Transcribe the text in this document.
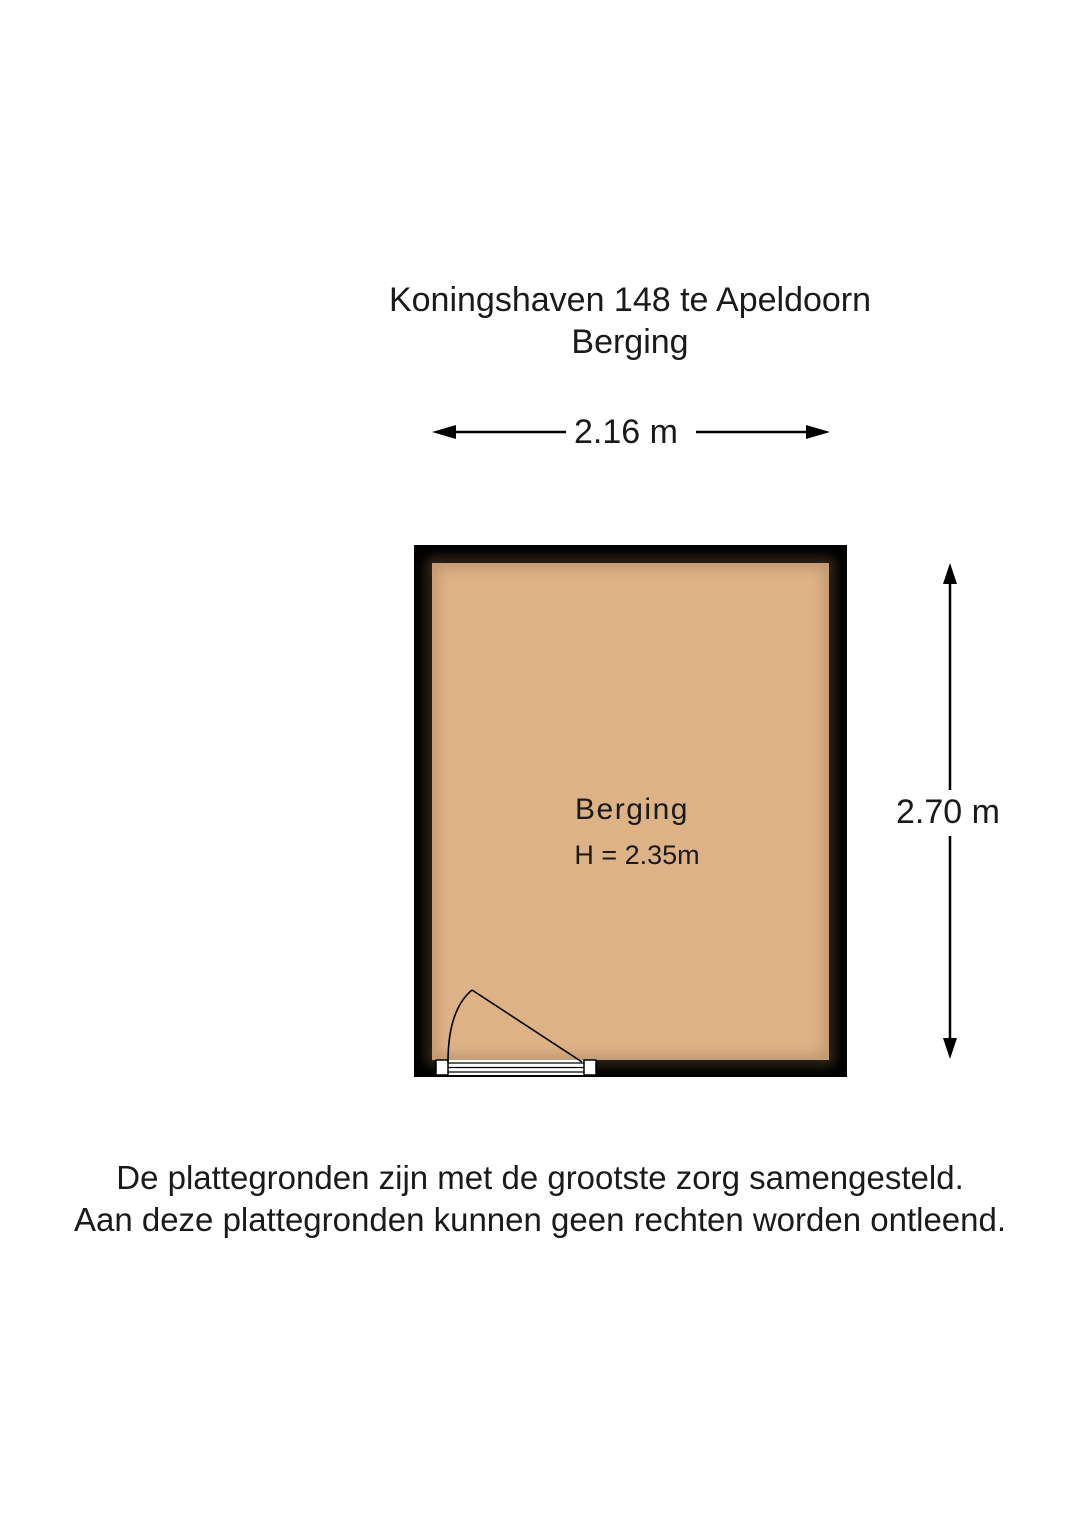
Koningshaven 148 te Apeldoorn
Berging
2.16 m
2.70 m
Berging
H = 2.35m
De plattegronden zijn met de grootste zorg samengesteld.
Aan deze plattegronden kunnen geen rechten worden ontleend.
